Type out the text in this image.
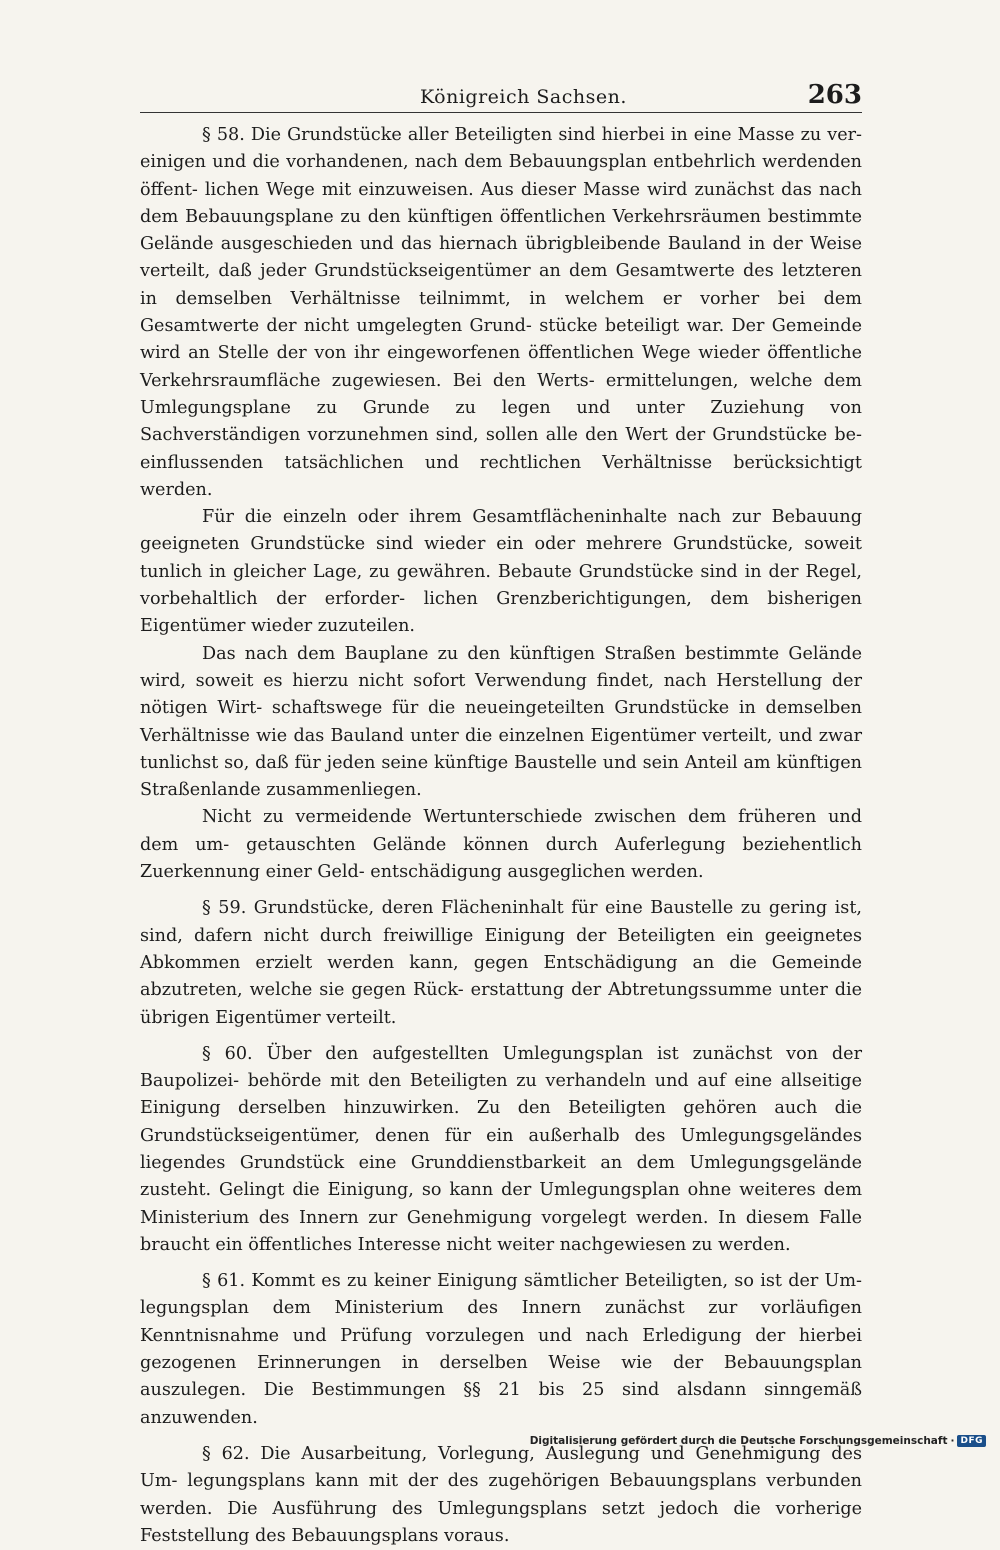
Königreich Sachsen.	263

§ 58. Die Grundstücke aller Beteiligten sind hierbei in eine Masse zu ver- einigen und die vorhandenen, nach dem Bebauungsplan entbehrlich werdenden öffent- lichen Wege mit einzuweisen. Aus dieser Masse wird zunächst das nach dem Bebauungsplane zu den künftigen öffentlichen Verkehrsräumen bestimmte Gelände ausgeschieden und das hiernach übrigbleibende Bauland in der Weise verteilt, daß jeder Grundstückseigentümer an dem Gesamtwerte des letzteren in demselben Verhältnisse teilnimmt, in welchem er vorher bei dem Gesamtwerte der nicht umgelegten Grund- stücke beteiligt war. Der Gemeinde wird an Stelle der von ihr eingeworfenen öffentlichen Wege wieder öffentliche Verkehrsraumfläche zugewiesen. Bei den Werts- ermittelungen, welche dem Umlegungsplane zu Grunde zu legen und unter Zuziehung von Sachverständigen vorzunehmen sind, sollen alle den Wert der Grundstücke be- einflussenden tatsächlichen und rechtlichen Verhältnisse berücksichtigt werden.

Für die einzeln oder ihrem Gesamtflächeninhalte nach zur Bebauung geeigneten Grundstücke sind wieder ein oder mehrere Grundstücke, soweit tunlich in gleicher Lage, zu gewähren. Bebaute Grundstücke sind in der Regel, vorbehaltlich der erforder- lichen Grenzberichtigungen, dem bisherigen Eigentümer wieder zuzuteilen.

Das nach dem Bauplane zu den künftigen Straßen bestimmte Gelände wird, soweit es hierzu nicht sofort Verwendung findet, nach Herstellung der nötigen Wirt- schaftswege für die neueingeteilten Grundstücke in demselben Verhältnisse wie das Bauland unter die einzelnen Eigentümer verteilt, und zwar tunlichst so, daß für jeden seine künftige Baustelle und sein Anteil am künftigen Straßenlande zusammenliegen.

Nicht zu vermeidende Wertunterschiede zwischen dem früheren und dem um- getauschten Gelände können durch Auferlegung beziehentlich Zuerkennung einer Geld- entschädigung ausgeglichen werden.

§ 59. Grundstücke, deren Flächeninhalt für eine Baustelle zu gering ist, sind, dafern nicht durch freiwillige Einigung der Beteiligten ein geeignetes Abkommen erzielt werden kann, gegen Entschädigung an die Gemeinde abzutreten, welche sie gegen Rück- erstattung der Abtretungssumme unter die übrigen Eigentümer verteilt.

§ 60. Über den aufgestellten Umlegungsplan ist zunächst von der Baupolizei- behörde mit den Beteiligten zu verhandeln und auf eine allseitige Einigung derselben hinzuwirken. Zu den Beteiligten gehören auch die Grundstückseigentümer, denen für ein außerhalb des Umlegungsgeländes liegendes Grundstück eine Grunddienstbarkeit an dem Umlegungsgelände zusteht. Gelingt die Einigung, so kann der Umlegungsplan ohne weiteres dem Ministerium des Innern zur Genehmigung vorgelegt werden. In diesem Falle braucht ein öffentliches Interesse nicht weiter nachgewiesen zu werden.

§ 61. Kommt es zu keiner Einigung sämtlicher Beteiligten, so ist der Um- legungsplan dem Ministerium des Innern zunächst zur vorläufigen Kenntnisnahme und Prüfung vorzulegen und nach Erledigung der hierbei gezogenen Erinnerungen in derselben Weise wie der Bebauungsplan auszulegen. Die Bestimmungen §§ 21 bis 25 sind alsdann sinngemäß anzuwenden.

§ 62. Die Ausarbeitung, Vorlegung, Auslegung und Genehmigung des Um- legungsplans kann mit der des zugehörigen Bebauungsplans verbunden werden. Die Ausführung des Umlegungsplans setzt jedoch die vorherige Feststellung des Bebauungsplans voraus.

Digitalisierung gefördert durch die Deutsche Forschungsgemeinschaft · DFG
